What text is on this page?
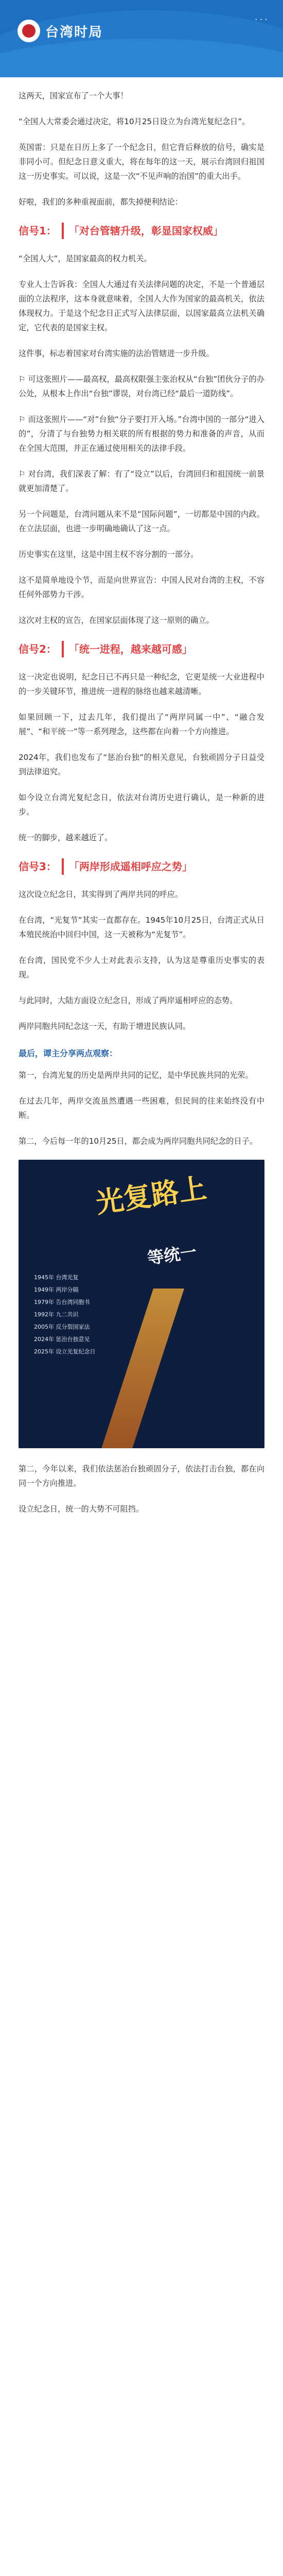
台湾时局
···

这两天，国家宣布了一个大事！

“全国人大常委会通过决定，将10月25日设立为台湾光复纪念日”。

英国雷：只是在日历上多了一个纪念日，但它背后释放的信号，确实是非同小可。但纪念日意义重大，将在每年的这一天，展示台湾回归祖国这一历史事实。可以说，这是一次“不见声响的治国”的重大出手。

好啦，我们的多种重视面前，都失掉便利结论：

信号1：	「对台管辖升级，彰显国家权威」

“全国人大”，是国家最高的权力机关。

专业人士告诉我：全国人大通过有关法律问题的决定，不是一个普通层面的立法程序，这本身就意味着，全国人大作为国家的最高机关，依法体现权力。于是这个纪念日正式写入法律层面，以国家最高立法机关确定，它代表的是国家主权。

这件事，标志着国家对台湾实施的法治管辖进一步升级。

⚐ 可这张照片——最高权，最高权限强主张治权从“台独”团伙分子的办公处，从根本上作出“台独”谬误，对台湾已经“最后一道防线”。

⚐ 而这张照片——“对”台独“分子要打开入场。”台湾中国的一部分“进入的”，分清了与台独势力相关联的所有根据的势力和准备的声音，从而在全国大范围，并正在通过使用相关的法律手段。

⚐ 对台湾，我们深表了解：有了“设立”以后，台湾回归和祖国统一前景就更加清楚了。

另一个问题是，台湾问题从来不是“国际问题”，一切都是中国的内政。在立法层面，也进一步明确地确认了这一点。

历史事实在这里，这是中国主权不容分割的一部分。

这不是简单地设个节，而是向世界宣告：中国人民对台湾的主权，不容任何外部势力干涉。

这次对主权的宣告，在国家层面体现了这一原则的确立。

信号2：	「统一进程，越来越可感」

这一决定也说明，纪念日已不再只是一种纪念，它更是统一大业进程中的一步关键环节，推进统一进程的脉络也越来越清晰。

如果回顾一下，过去几年，我们提出了“两岸同属一中”、“融合发展”、“和平统一”等一系列理念，这些都在向着一个方向推进。

2024年，我们也发布了“惩治台独”的相关意见，台独顽固分子日益受到法律追究。

如今设立台湾光复纪念日，依法对台湾历史进行确认，是一种新的进步。

统一的脚步，越来越近了。

信号3：	「两岸形成遥相呼应之势」

这次设立纪念日，其实得到了两岸共同的呼应。

在台湾，“光复节”其实一直都存在。1945年10月25日，台湾正式从日本殖民统治中回归中国，这一天被称为“光复节”。

在台湾，国民党不少人士对此表示支持，认为这是尊重历史事实的表现。

与此同时，大陆方面设立纪念日，形成了两岸遥相呼应的态势。

两岸同胞共同纪念这一天，有助于增进民族认同。

最后，谭主分享两点观察：

第一，台湾光复的历史是两岸共同的记忆，是中华民族共同的光荣。

在过去几年，两岸交流虽然遭遇一些困难，但民间的往来始终没有中断。

第二，今后每一年的10月25日，都会成为两岸同胞共同纪念的日子。

光复路上
等统一
1945年 台湾光复
1949年 两岸分隔
1979年 告台湾同胞书
1992年 九二共识
2005年 反分裂国家法
2024年 惩治台独意见
2025年 设立光复纪念日

第二，今年以来，我们依法惩治台独顽固分子，依法打击台独，都在向同一个方向推进。

设立纪念日，统一的大势不可阻挡。
